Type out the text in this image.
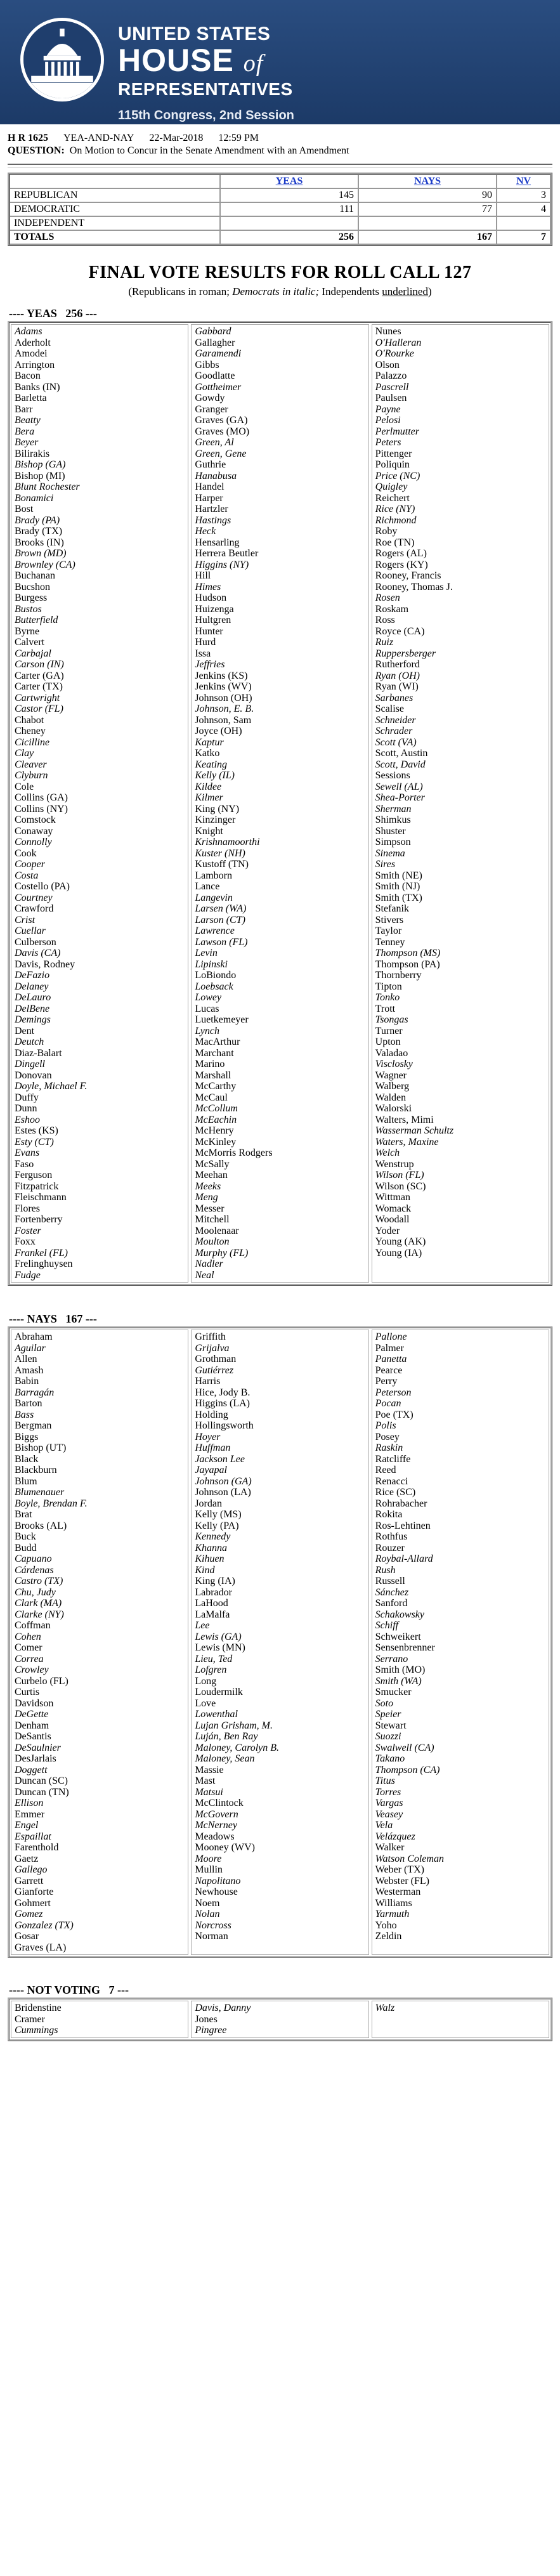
UNITED STATES
HOUSE of
REPRESENTATIVES
115th Congress, 2nd Session
H R 1625 YEA-AND-NAY 22-Mar-2018 12:59 PM
QUESTION: On Motion to Concur in the Senate Amendment with an Amendment
	YEAS	NAYS	NV
REPUBLICAN	145	90	3
DEMOCRATIC	111	77	4
INDEPENDENT			
TOTALS	256	167	7
FINAL VOTE RESULTS FOR ROLL CALL 127
(Republicans in roman; Democrats in italic; Independents underlined)
---- YEAS 256 ---
Adams
Aderholt
Amodei
Arrington
Bacon
Banks (IN)
Barletta
Barr
Beatty
Bera
Beyer
Bilirakis
Bishop (GA)
Bishop (MI)
Blunt Rochester
Bonamici
Bost
Brady (PA)
Brady (TX)
Brooks (IN)
Brown (MD)
Brownley (CA)
Buchanan
Bucshon
Burgess
Bustos
Butterfield
Byrne
Calvert
Carbajal
Carson (IN)
Carter (GA)
Carter (TX)
Cartwright
Castor (FL)
Chabot
Cheney
Cicilline
Clay
Cleaver
Clyburn
Cole
Collins (GA)
Collins (NY)
Comstock
Conaway
Connolly
Cook
Cooper
Costa
Costello (PA)
Courtney
Crawford
Crist
Cuellar
Culberson
Davis (CA)
Davis, Rodney
DeFazio
Delaney
DeLauro
DelBene
Demings
Dent
Deutch
Diaz-Balart
Dingell
Donovan
Doyle, Michael F.
Duffy
Dunn
Eshoo
Estes (KS)
Esty (CT)
Evans
Faso
Ferguson
Fitzpatrick
Fleischmann
Flores
Fortenberry
Foster
Foxx
Frankel (FL)
Frelinghuysen
Fudge
Gabbard
Gallagher
Garamendi
Gibbs
Goodlatte
Gottheimer
Gowdy
Granger
Graves (GA)
Graves (MO)
Green, Al
Green, Gene
Guthrie
Hanabusa
Handel
Harper
Hartzler
Hastings
Heck
Hensarling
Herrera Beutler
Higgins (NY)
Hill
Himes
Hudson
Huizenga
Hultgren
Hunter
Hurd
Issa
Jeffries
Jenkins (KS)
Jenkins (WV)
Johnson (OH)
Johnson, E. B.
Johnson, Sam
Joyce (OH)
Kaptur
Katko
Keating
Kelly (IL)
Kildee
Kilmer
King (NY)
Kinzinger
Knight
Krishnamoorthi
Kuster (NH)
Kustoff (TN)
Lamborn
Lance
Langevin
Larsen (WA)
Larson (CT)
Lawrence
Lawson (FL)
Levin
Lipinski
LoBiondo
Loebsack
Lowey
Lucas
Luetkemeyer
Lynch
MacArthur
Marchant
Marino
Marshall
McCarthy
McCaul
McCollum
McEachin
McHenry
McKinley
McMorris Rodgers
McSally
Meehan
Meeks
Meng
Messer
Mitchell
Moolenaar
Moulton
Murphy (FL)
Nadler
Neal
Nunes
O'Halleran
O'Rourke
Olson
Palazzo
Pascrell
Paulsen
Payne
Pelosi
Perlmutter
Peters
Pittenger
Poliquin
Price (NC)
Quigley
Reichert
Rice (NY)
Richmond
Roby
Roe (TN)
Rogers (AL)
Rogers (KY)
Rooney, Francis
Rooney, Thomas J.
Rosen
Roskam
Ross
Royce (CA)
Ruiz
Ruppersberger
Rutherford
Ryan (OH)
Ryan (WI)
Sarbanes
Scalise
Schneider
Schrader
Scott (VA)
Scott, Austin
Scott, David
Sessions
Sewell (AL)
Shea-Porter
Sherman
Shimkus
Shuster
Simpson
Sinema
Sires
Smith (NE)
Smith (NJ)
Smith (TX)
Stefanik
Stivers
Taylor
Tenney
Thompson (MS)
Thompson (PA)
Thornberry
Tipton
Tonko
Trott
Tsongas
Turner
Upton
Valadao
Visclosky
Wagner
Walberg
Walden
Walorski
Walters, Mimi
Wasserman Schultz
Waters, Maxine
Welch
Wenstrup
Wilson (FL)
Wilson (SC)
Wittman
Womack
Woodall
Yoder
Young (AK)
Young (IA)
---- NAYS 167 ---
Abraham
Aguilar
Allen
Amash
Babin
Barragán
Barton
Bass
Bergman
Biggs
Bishop (UT)
Black
Blackburn
Blum
Blumenauer
Boyle, Brendan F.
Brat
Brooks (AL)
Buck
Budd
Capuano
Cárdenas
Castro (TX)
Chu, Judy
Clark (MA)
Clarke (NY)
Coffman
Cohen
Comer
Correa
Crowley
Curbelo (FL)
Curtis
Davidson
DeGette
Denham
DeSantis
DeSaulnier
DesJarlais
Doggett
Duncan (SC)
Duncan (TN)
Ellison
Emmer
Engel
Espaillat
Farenthold
Gaetz
Gallego
Garrett
Gianforte
Gohmert
Gomez
Gonzalez (TX)
Gosar
Graves (LA)
Griffith
Grijalva
Grothman
Gutiérrez
Harris
Hice, Jody B.
Higgins (LA)
Holding
Hollingsworth
Hoyer
Huffman
Jackson Lee
Jayapal
Johnson (GA)
Johnson (LA)
Jordan
Kelly (MS)
Kelly (PA)
Kennedy
Khanna
Kihuen
Kind
King (IA)
Labrador
LaHood
LaMalfa
Lee
Lewis (GA)
Lewis (MN)
Lieu, Ted
Lofgren
Long
Loudermilk
Love
Lowenthal
Lujan Grisham, M.
Luján, Ben Ray
Maloney, Carolyn B.
Maloney, Sean
Massie
Mast
Matsui
McClintock
McGovern
McNerney
Meadows
Mooney (WV)
Moore
Mullin
Napolitano
Newhouse
Noem
Nolan
Norcross
Norman
Pallone
Palmer
Panetta
Pearce
Perry
Peterson
Pocan
Poe (TX)
Polis
Posey
Raskin
Ratcliffe
Reed
Renacci
Rice (SC)
Rohrabacher
Rokita
Ros-Lehtinen
Rothfus
Rouzer
Roybal-Allard
Rush
Russell
Sánchez
Sanford
Schakowsky
Schiff
Schweikert
Sensenbrenner
Serrano
Smith (MO)
Smith (WA)
Smucker
Soto
Speier
Stewart
Suozzi
Swalwell (CA)
Takano
Thompson (CA)
Titus
Torres
Vargas
Veasey
Vela
Velázquez
Walker
Watson Coleman
Weber (TX)
Webster (FL)
Westerman
Williams
Yarmuth
Yoho
Zeldin
---- NOT VOTING 7 ---
Bridenstine
Cramer
Cummings
Davis, Danny
Jones
Pingree
Walz
